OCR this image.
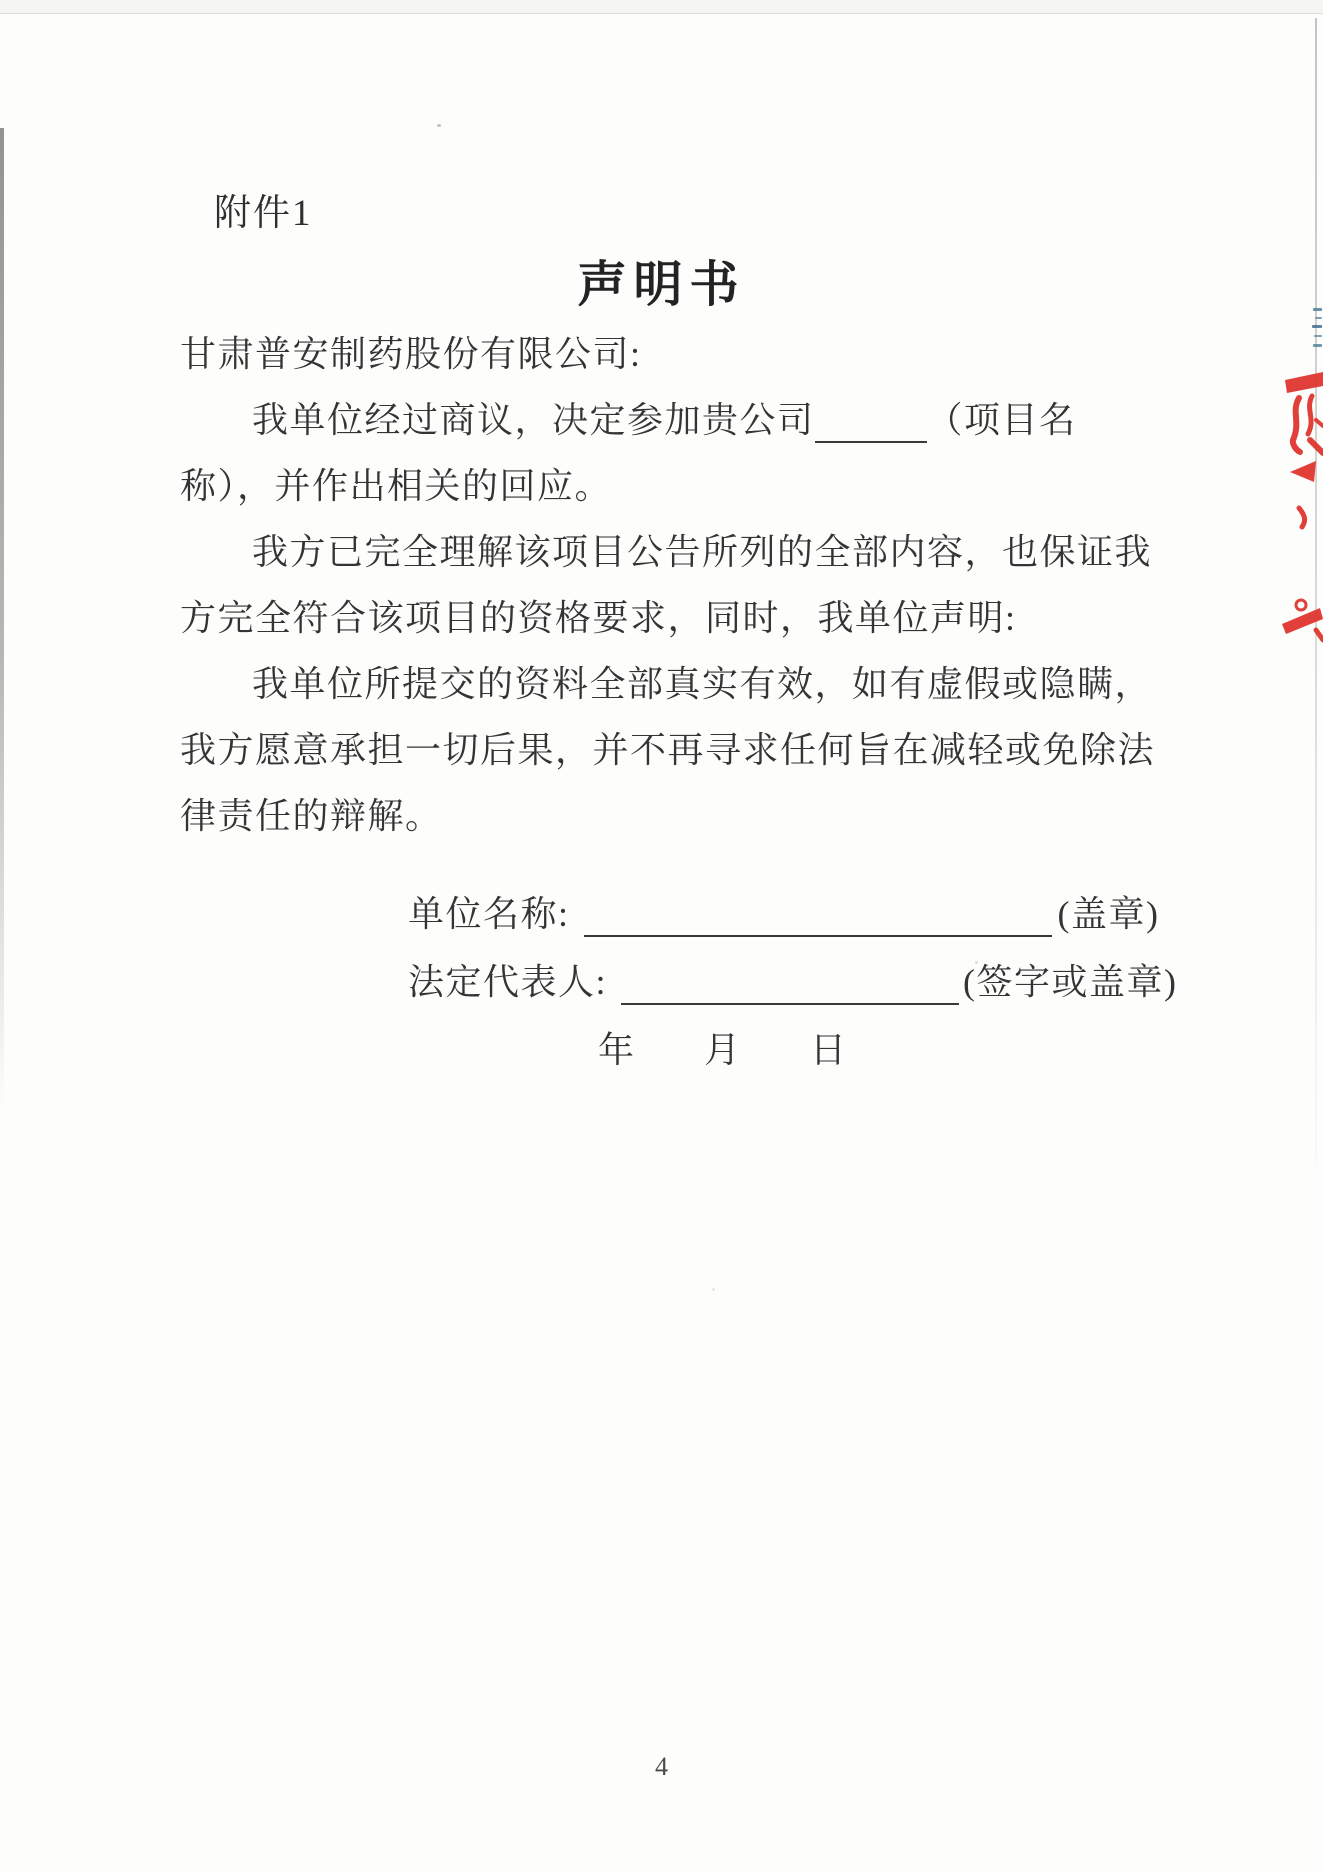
附件1
声明书
甘肃普安制药股份有限公司:
我单位经过商议，决定参加贵公司	（项目名
称），并作出相关的回应。
我方已完全理解该项目公告所列的全部内容，也保证我
方完全符合该项目的资格要求，同时，我单位声明:
我单位所提交的资料全部真实有效，如有虚假或隐瞒，
我方愿意承担一切后果，并不再寻求任何旨在减轻或免除法
律责任的辩解。
单位名称:	(盖章)
法定代表人:	(签字或盖章)
年 月 日
4
